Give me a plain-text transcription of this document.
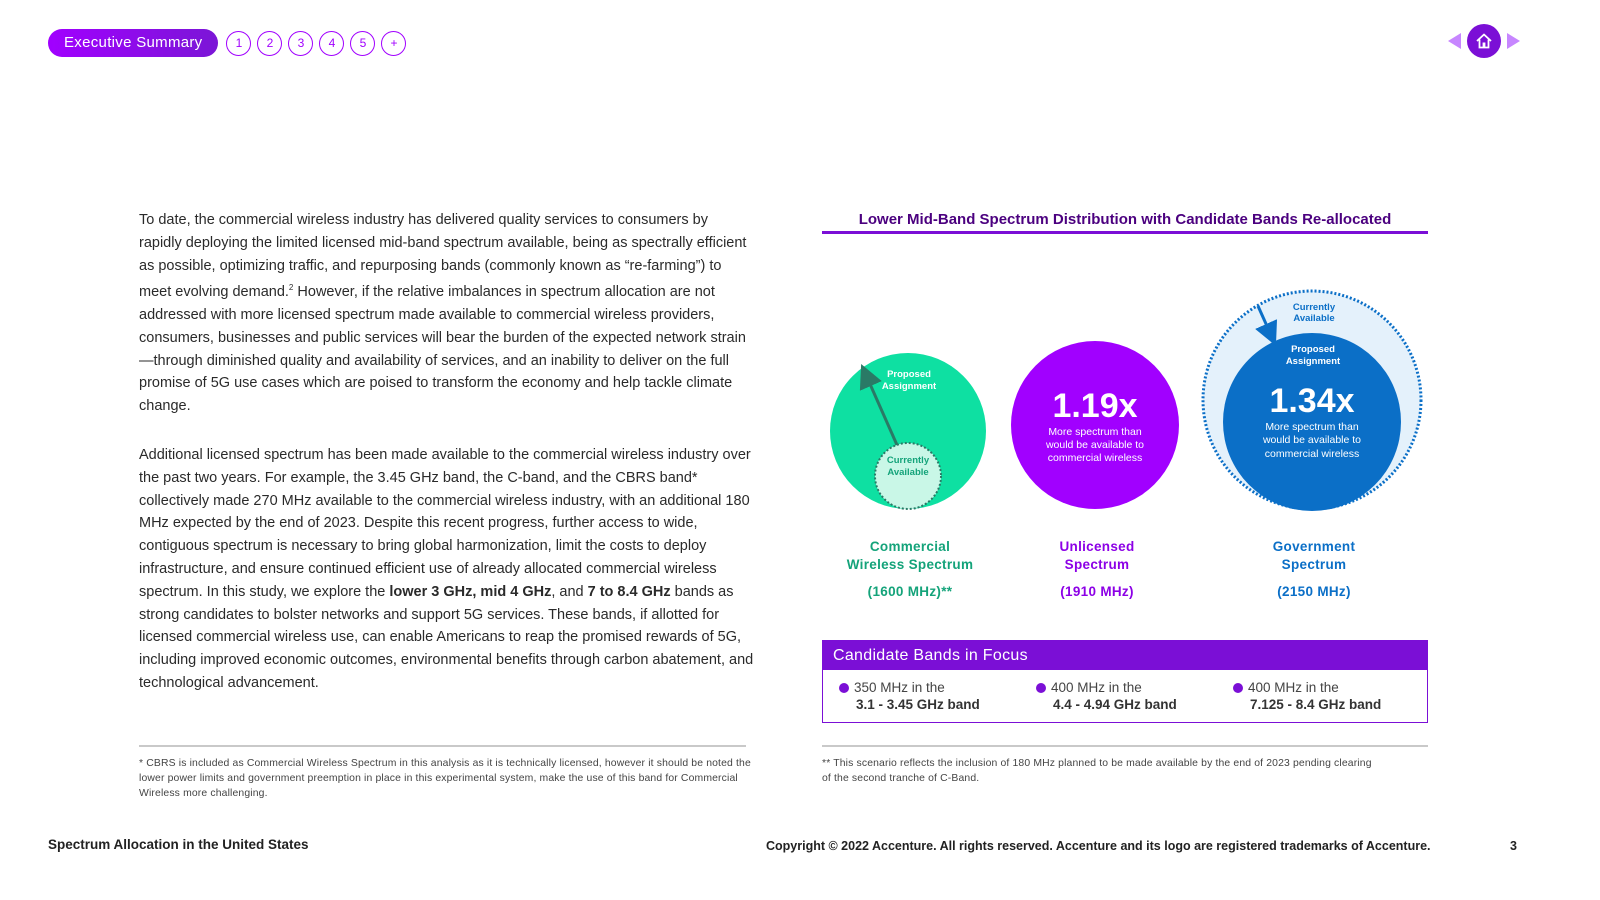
Executive Summary	1	2	3	4	5	+

To date, the commercial wireless industry has delivered quality services to consumers by rapidly deploying the limited licensed mid-band spectrum available, being as spectrally efficient as possible, optimizing traffic, and repurposing bands (commonly known as “re-farming”) to meet evolving demand.$^2$ However, if the relative imbalances in spectrum allocation are not addressed with more licensed spectrum made available to commercial wireless providers, consumers, businesses and public services will bear the burden of the expected network strain—through diminished quality and availability of services, and an inability to deliver on the full promise of 5G use cases which are poised to transform the economy and help tackle climate change.

Additional licensed spectrum has been made available to the commercial wireless industry over the past two years. For example, the 3.45 GHz band, the C-band, and the CBRS band* collectively made 270 MHz available to the commercial wireless industry, with an additional 180 MHz expected by the end of 2023. Despite this recent progress, further access to wide, contiguous spectrum is necessary to bring global harmonization, limit the costs to deploy infrastructure, and ensure continued efficient use of already allocated commercial wireless spectrum. In this study, we explore the lower 3 GHz, mid 4 GHz, and 7 to 8.4 GHz bands as strong candidates to bolster networks and support 5G services. These bands, if allotted for licensed commercial wireless use, can enable Americans to reap the promised rewards of 5G, including improved economic outcomes, environmental benefits through carbon abatement, and technological advancement.

* CBRS is included as Commercial Wireless Spectrum in this analysis as it is technically licensed, however it should be noted the lower power limits and government preemption in place in this experimental system, make the use of this band for Commercial Wireless more challenging.

Lower Mid-Band Spectrum Distribution with Candidate Bands Re-allocated
Proposed
Assignment
Currently
Available
1.19x
More spectrum than
would be available to
commercial wireless
Currently
Available
Proposed
Assignment
1.34x
More spectrum than
would be available to
commercial wireless
Commercial
Wireless Spectrum
(1600 MHz)**
Unlicensed
Spectrum
(1910 MHz)
Government
Spectrum
(2150 MHz)
Candidate Bands in Focus
350 MHz in the
3.1 - 3.45 GHz band
400 MHz in the
4.4 - 4.94 GHz band
400 MHz in the
7.125 - 8.4 GHz band

** This scenario reflects the inclusion of 180 MHz planned to be made available by the end of 2023 pending clearing of the second tranche of C-Band.

Spectrum Allocation in the United States	Copyright © 2022 Accenture. All rights reserved. Accenture and its logo are registered trademarks of Accenture.	3
